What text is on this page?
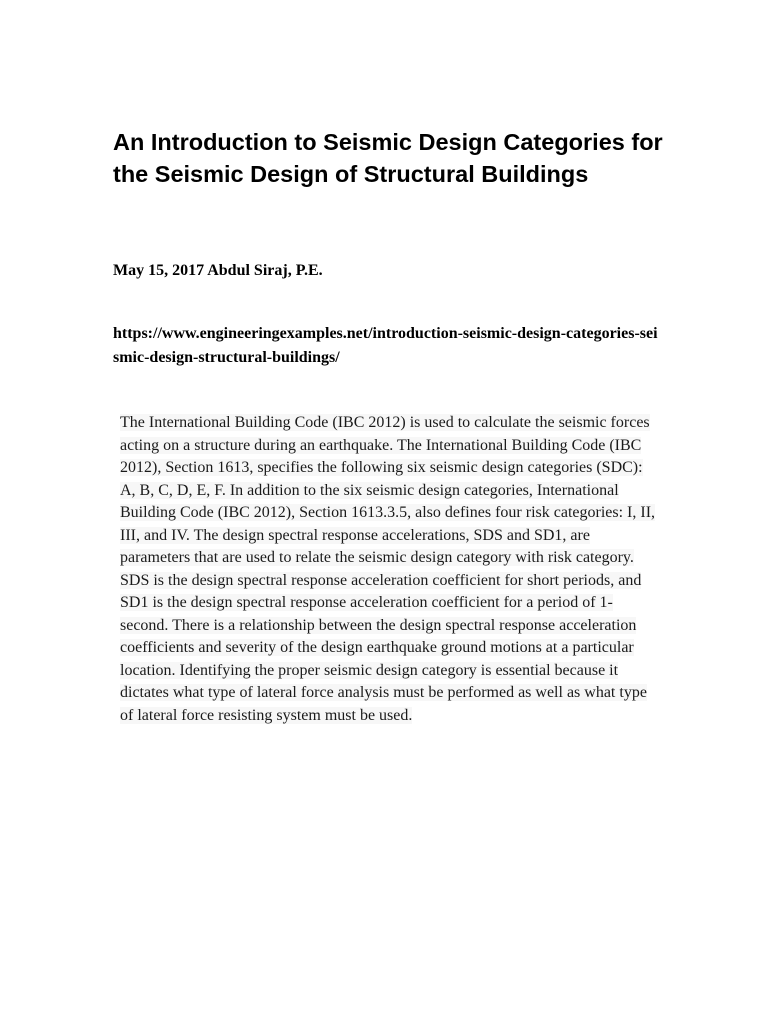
An Introduction to Seismic Design Categories for the Seismic Design of Structural Buildings

May 15, 2017 Abdul Siraj, P.E.

https://www.engineeringexamples.net/introduction-seismic-design-categories-seismic-design-structural-buildings/

The International Building Code (IBC 2012) is used to calculate the seismic forces acting on a structure during an earthquake. The International Building Code (IBC 2012), Section 1613, specifies the following six seismic design categories (SDC): A, B, C, D, E, F. In addition to the six seismic design categories, International Building Code (IBC 2012), Section 1613.3.5, also defines four risk categories: I, II, III, and IV. The design spectral response accelerations, SDS and SD1, are parameters that are used to relate the seismic design category with risk category. SDS is the design spectral response acceleration coefficient for short periods, and SD1 is the design spectral response acceleration coefficient for a period of 1-second. There is a relationship between the design spectral response acceleration coefficients and severity of the design earthquake ground motions at a particular location. Identifying the proper seismic design category is essential because it dictates what type of lateral force analysis must be performed as well as what type of lateral force resisting system must be used.
